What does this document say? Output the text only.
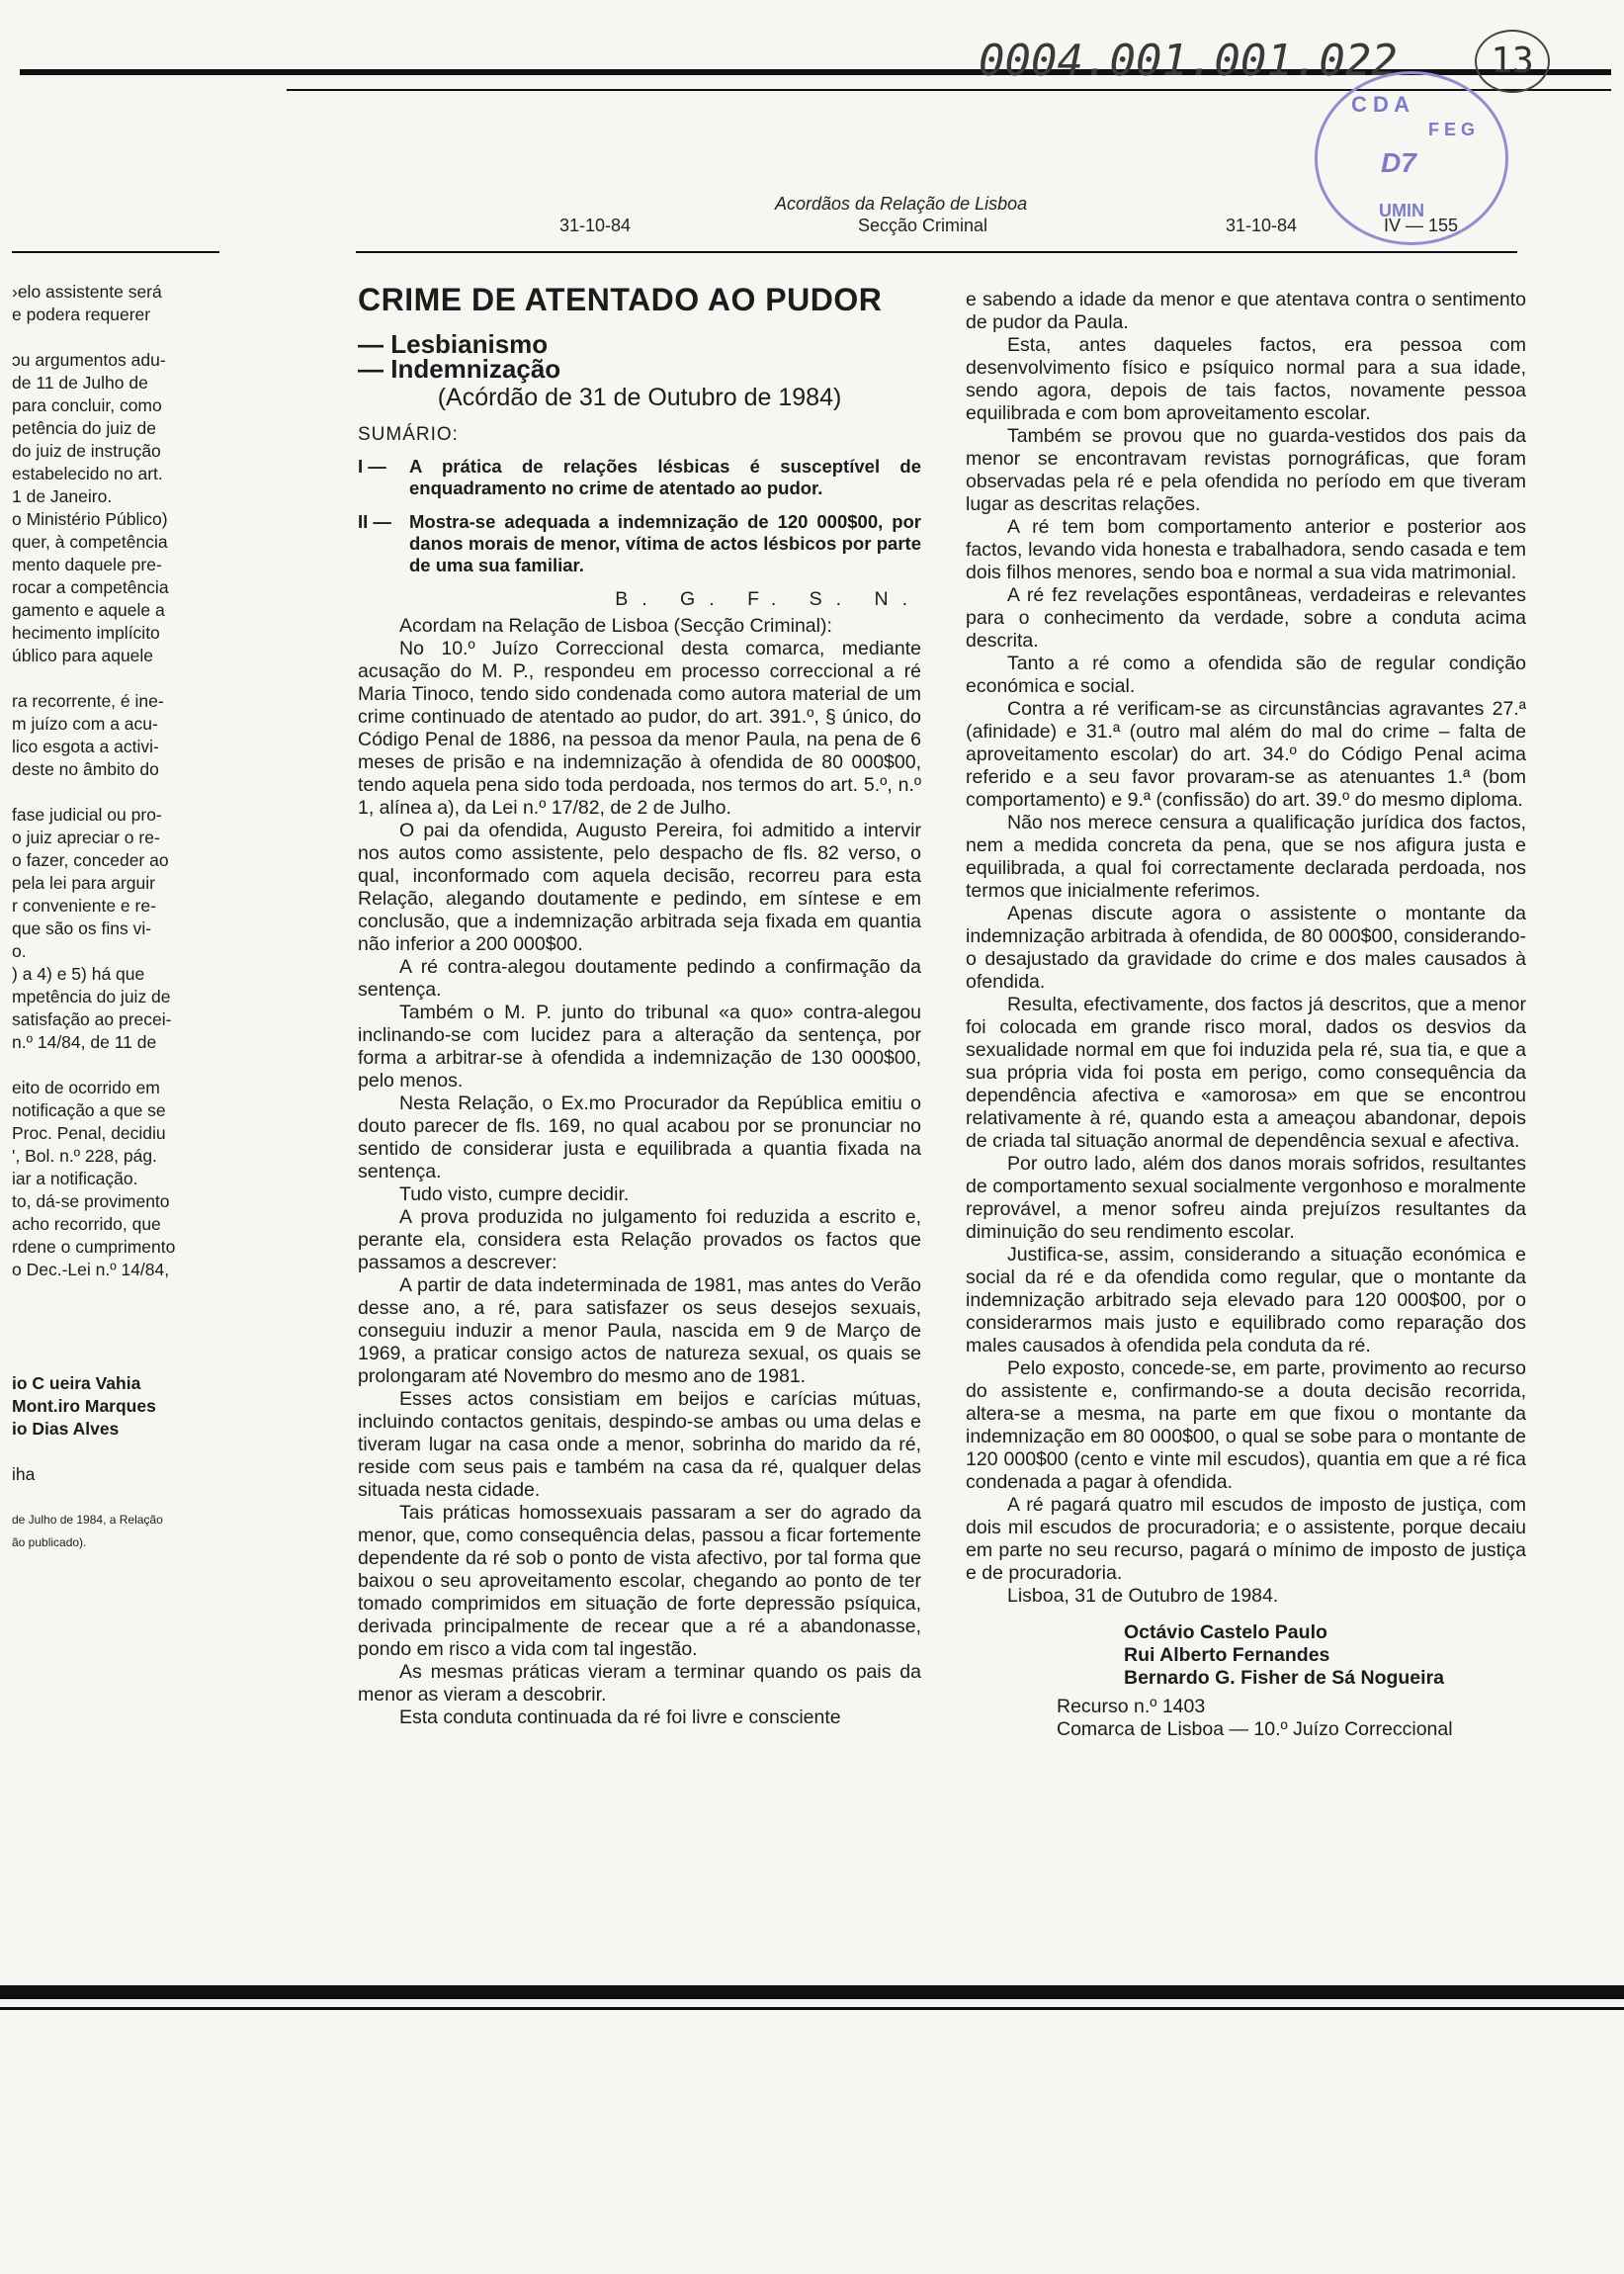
0004.001.001.022	13
C D A
F E G
D7
UMIN
31-10-84
Acordãos da Relação de Lisboa
Secção Criminal	31-10-84	IV — 155
›elo assistente será
e podera requerer

ɔu argumentos adu-
de 11 de Julho de
para concluir, como
petência do juiz de
do juiz de instrução
estabelecido no art.
1 de Janeiro.
o Ministério Público)
quer, à competência
mento daquele pre-
rocar a competência
gamento e aquele a
hecimento implícito
úblico para aquele

ra recorrente, é ine-
m juízo com a acu-
lico esgota a activi-
deste no âmbito do

fase judicial ou pro-
o juiz apreciar o re-
o fazer, conceder ao
pela lei para arguir
r conveniente e re-
que são os fins vi-
o.
) a 4) e 5) há que
mpetência do juiz de
satisfação ao precei-
n.º 14/84, de 11 de

eito de ocorrido em
notificação a que se
Proc. Penal, decidiu
', Bol. n.º 228, pág.
iar a notificação.
to, dá-se provimento
acho recorrido, que
rdene o cumprimento
o Dec.-Lei n.º 14/84,

io C ueira Vahia
Mont.iro Marques
io Dias Alves

iha

de Julho de 1984, a Relação
ão publicado).
CRIME DE ATENTADO AO PUDOR
— Lesbianismo
— Indemnização
(Acórdão de 31 de Outubro de 1984)
SUMÁRIO:
I —	A prática de relações lésbicas é susceptível de enquadramento no crime de atentado ao pudor.
II — Mostra-se adequada a indemnização de 120 000$00, por danos morais de menor, vítima de actos lésbicos por parte de uma sua familiar.
B. G. F. S. N.

Acordam na Relação de Lisboa (Secção Criminal):

No 10.º Juízo Correccional desta comarca, mediante acusação do M. P., respondeu em processo correccional a ré Maria Tinoco, tendo sido condenada como autora material de um crime continuado de atentado ao pudor, do art. 391.º, § único, do Código Penal de 1886, na pessoa da menor Paula, na pena de 6 meses de prisão e na indemnização à ofendida de 80 000$00, tendo aquela pena sido toda perdoada, nos termos do art. 5.º, n.º 1, alínea a), da Lei n.º 17/82, de 2 de Julho.

O pai da ofendida, Augusto Pereira, foi admitido a intervir nos autos como assistente, pelo despacho de fls. 82 verso, o qual, inconformado com aquela decisão, recorreu para esta Relação, alegando doutamente e pedindo, em síntese e em conclusão, que a indemnização arbitrada seja fixada em quantia não inferior a 200 000$00.

A ré contra-alegou doutamente pedindo a confirmação da sentença.

Também o M. P. junto do tribunal «a quo» contra-alegou inclinando-se com lucidez para a alteração da sentença, por forma a arbitrar-se à ofendida a indemnização de 130 000$00, pelo menos.

Nesta Relação, o Ex.mo Procurador da República emitiu o douto parecer de fls. 169, no qual acabou por se pronunciar no sentido de considerar justa e equilibrada a quantia fixada na sentença.

Tudo visto, cumpre decidir.

A prova produzida no julgamento foi reduzida a escrito e, perante ela, considera esta Relação provados os factos que passamos a descrever:

A partir de data indeterminada de 1981, mas antes do Verão desse ano, a ré, para satisfazer os seus desejos sexuais, conseguiu induzir a menor Paula, nascida em 9 de Março de 1969, a praticar consigo actos de natureza sexual, os quais se prolongaram até Novembro do mesmo ano de 1981.

Esses actos consistiam em beijos e carícias mútuas, incluindo contactos genitais, despindo-se ambas ou uma delas e tiveram lugar na casa onde a menor, sobrinha do marido da ré, reside com seus pais e também na casa da ré, qualquer delas situada nesta cidade.

Tais práticas homossexuais passaram a ser do agrado da menor, que, como consequência delas, passou a ficar fortemente dependente da ré sob o ponto de vista afectivo, por tal forma que baixou o seu aproveitamento escolar, chegando ao ponto de ter tomado comprimidos em situação de forte depressão psíquica, derivada principalmente de recear que a ré a abandonasse, pondo em risco a vida com tal ingestão.

As mesmas práticas vieram a terminar quando os pais da menor as vieram a descobrir.

Esta conduta continuada da ré foi livre e consciente

e sabendo a idade da menor e que atentava contra o sentimento de pudor da Paula.

Esta, antes daqueles factos, era pessoa com desenvolvimento físico e psíquico normal para a sua idade, sendo agora, depois de tais factos, novamente pessoa equilibrada e com bom aproveitamento escolar.

Também se provou que no guarda-vestidos dos pais da menor se encontravam revistas pornográficas, que foram observadas pela ré e pela ofendida no período em que tiveram lugar as descritas relações.

A ré tem bom comportamento anterior e posterior aos factos, levando vida honesta e trabalhadora, sendo casada e tem dois filhos menores, sendo boa e normal a sua vida matrimonial.

A ré fez revelações espontâneas, verdadeiras e relevantes para o conhecimento da verdade, sobre a conduta acima descrita.

Tanto a ré como a ofendida são de regular condição económica e social.

Contra a ré verificam-se as circunstâncias agravantes 27.ª (afinidade) e 31.ª (outro mal além do mal do crime – falta de aproveitamento escolar) do art. 34.º do Código Penal acima referido e a seu favor provaram-se as atenuantes 1.ª (bom comportamento) e 9.ª (confissão) do art. 39.º do mesmo diploma.

Não nos merece censura a qualificação jurídica dos factos, nem a medida concreta da pena, que se nos afigura justa e equilibrada, a qual foi correctamente declarada perdoada, nos termos que inicialmente referimos.

Apenas discute agora o assistente o montante da indemnização arbitrada à ofendida, de 80 000$00, considerando-o desajustado da gravidade do crime e dos males causados à ofendida.

Resulta, efectivamente, dos factos já descritos, que a menor foi colocada em grande risco moral, dados os desvios da sexualidade normal em que foi induzida pela ré, sua tia, e que a sua própria vida foi posta em perigo, como consequência da dependência afectiva e «amorosa» em que se encontrou relativamente à ré, quando esta a ameaçou abandonar, depois de criada tal situação anormal de dependência sexual e afectiva.

Por outro lado, além dos danos morais sofridos, resultantes de comportamento sexual socialmente vergonhoso e moralmente reprovável, a menor sofreu ainda prejuízos resultantes da diminuição do seu rendimento escolar.

Justifica-se, assim, considerando a situação económica e social da ré e da ofendida como regular, que o montante da indemnização arbitrado seja elevado para 120 000$00, por o considerarmos mais justo e equilibrado como reparação dos males causados à ofendida pela conduta da ré.

Pelo exposto, concede-se, em parte, provimento ao recurso do assistente e, confirmando-se a douta decisão recorrida, altera-se a mesma, na parte em que fixou o montante da indemnização em 80 000$00, o qual se sobe para o montante de 120 000$00 (cento e vinte mil escudos), quantia em que a ré fica condenada a pagar à ofendida.

A ré pagará quatro mil escudos de imposto de justiça, com dois mil escudos de procuradoria; e o assistente, porque decaiu em parte no seu recurso, pagará o mínimo de imposto de justiça e de procuradoria.

Lisboa, 31 de Outubro de 1984.

Octávio Castelo Paulo
Rui Alberto Fernandes
Bernardo G. Fisher de Sá Nogueira

Recurso n.º 1403

Comarca de Lisboa — 10.º Juízo Correccional
